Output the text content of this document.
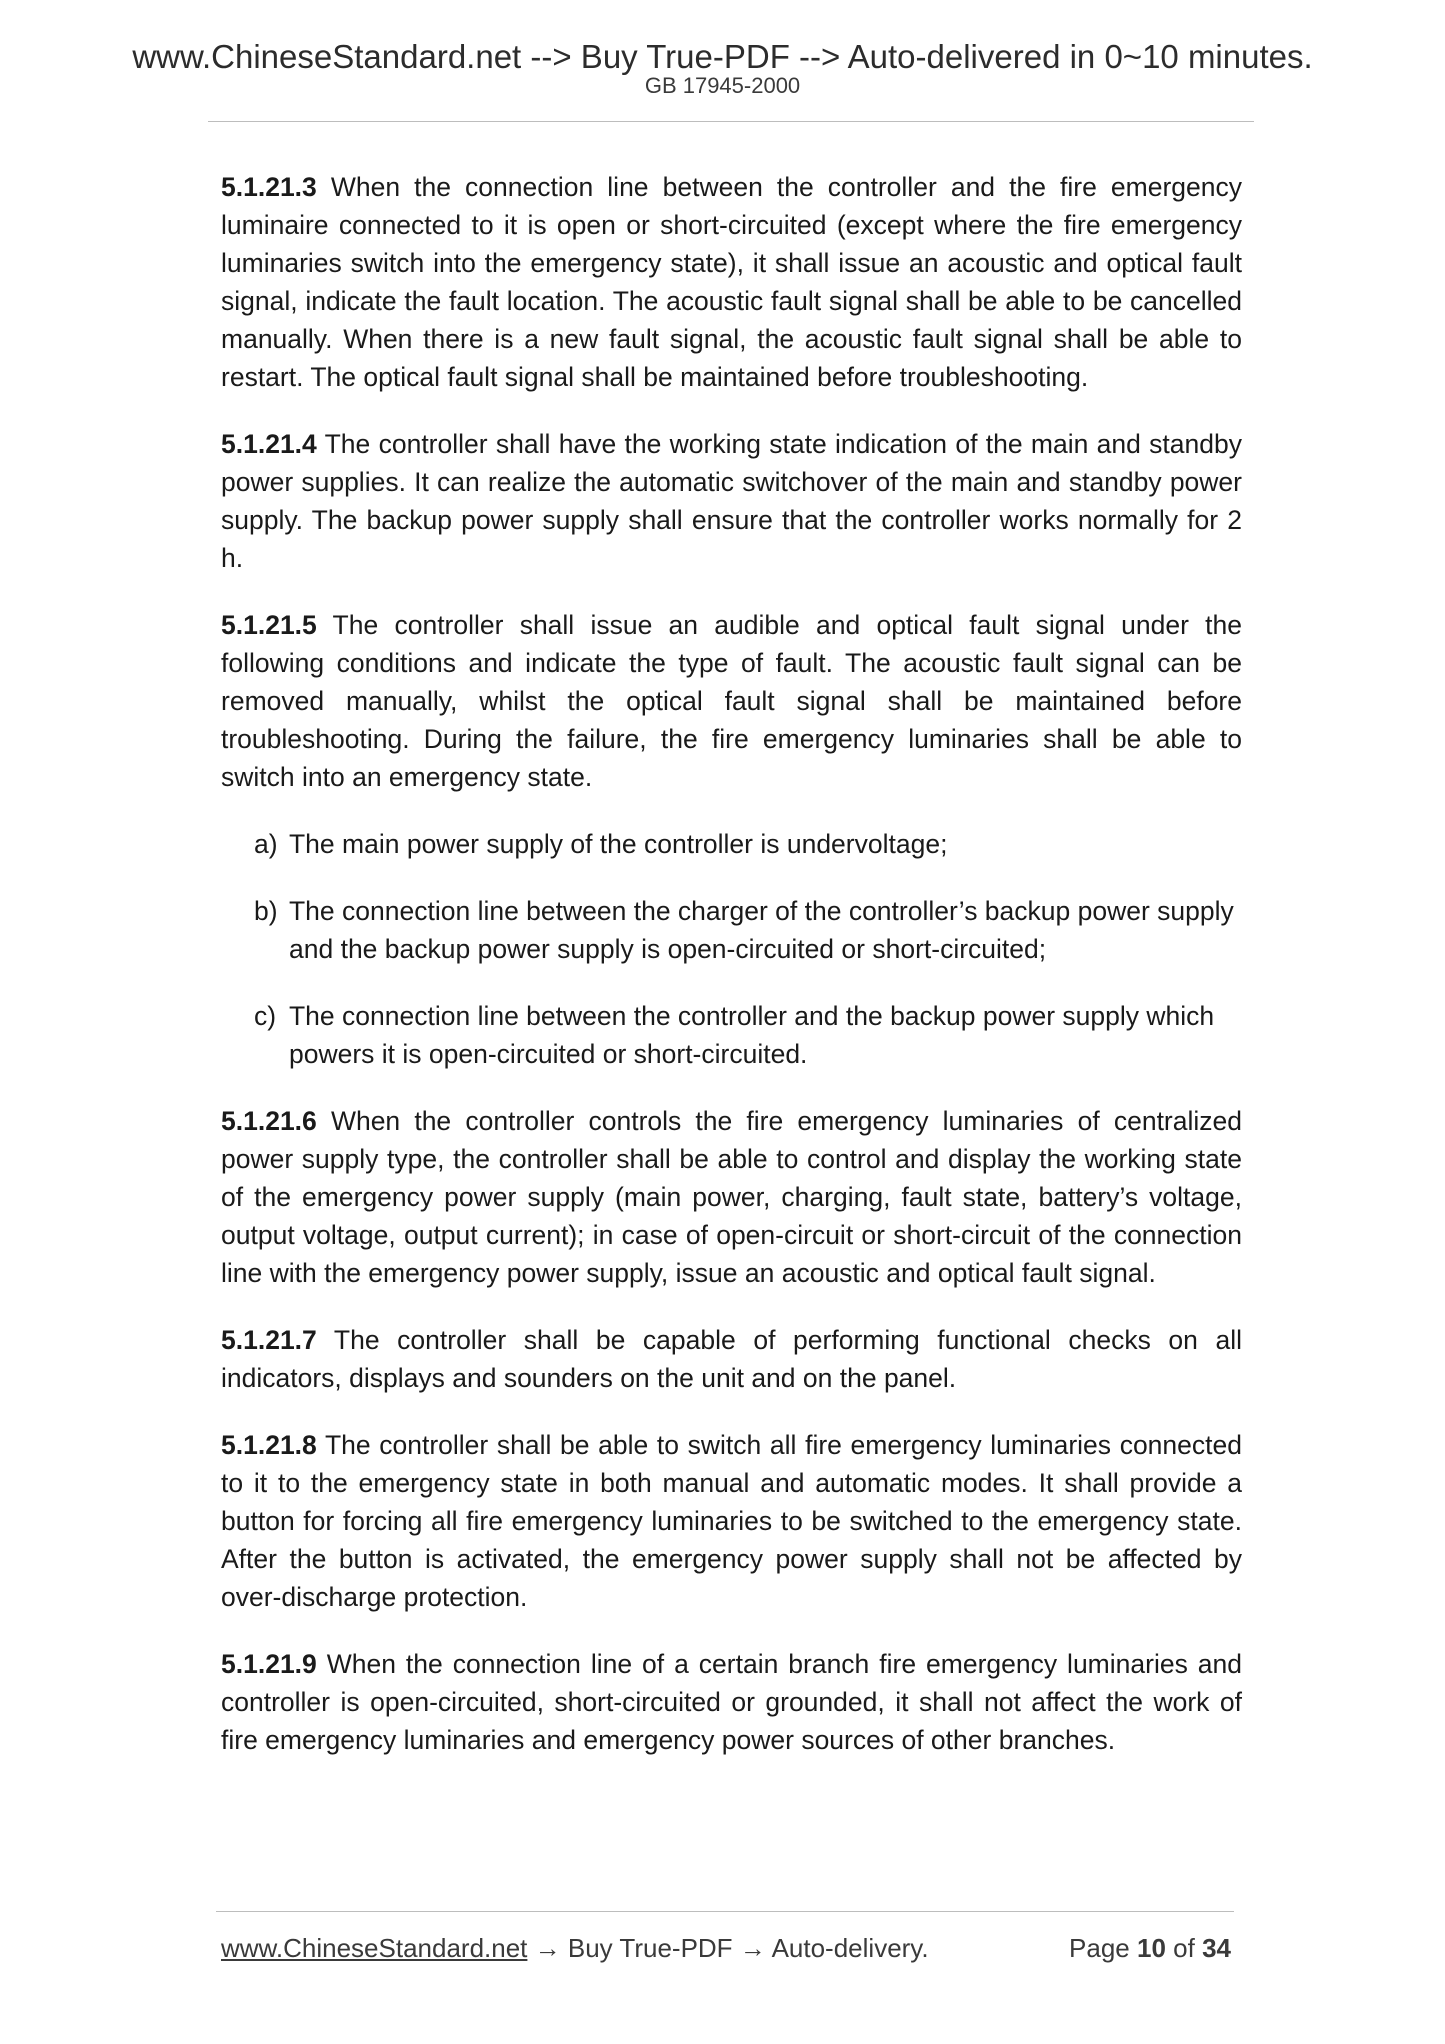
www.ChineseStandard.net --> Buy True-PDF --> Auto-delivered in 0~10 minutes.
GB 17945-2000

5.1.21.3 When the connection line between the controller and the fire emergency luminaire connected to it is open or short-circuited (except where the fire emergency luminaries switch into the emergency state), it shall issue an acoustic and optical fault signal, indicate the fault location. The acoustic fault signal shall be able to be cancelled manually. When there is a new fault signal, the acoustic fault signal shall be able to restart. The optical fault signal shall be maintained before troubleshooting.

5.1.21.4 The controller shall have the working state indication of the main and standby power supplies. It can realize the automatic switchover of the main and standby power supply. The backup power supply shall ensure that the controller works normally for 2 h.

5.1.21.5 The controller shall issue an audible and optical fault signal under the following conditions and indicate the type of fault. The acoustic fault signal can be removed manually, whilst the optical fault signal shall be maintained before troubleshooting. During the failure, the fire emergency luminaries shall be able to switch into an emergency state.

a) The main power supply of the controller is undervoltage;
b) The connection line between the charger of the controller’s backup power supply and the backup power supply is open-circuited or short-circuited;
c) The connection line between the controller and the backup power supply which powers it is open-circuited or short-circuited.

5.1.21.6 When the controller controls the fire emergency luminaries of centralized power supply type, the controller shall be able to control and display the working state of the emergency power supply (main power, charging, fault state, battery’s voltage, output voltage, output current); in case of open-circuit or short-circuit of the connection line with the emergency power supply, issue an acoustic and optical fault signal.

5.1.21.7 The controller shall be capable of performing functional checks on all indicators, displays and sounders on the unit and on the panel.

5.1.21.8 The controller shall be able to switch all fire emergency luminaries connected to it to the emergency state in both manual and automatic modes. It shall provide a button for forcing all fire emergency luminaries to be switched to the emergency state. After the button is activated, the emergency power supply shall not be affected by over-discharge protection.

5.1.21.9 When the connection line of a certain branch fire emergency luminaries and controller is open-circuited, short-circuited or grounded, it shall not affect the work of fire emergency luminaries and emergency power sources of other branches.

www.ChineseStandard.net → Buy True-PDF → Auto-delivery.	Page 10 of 34
